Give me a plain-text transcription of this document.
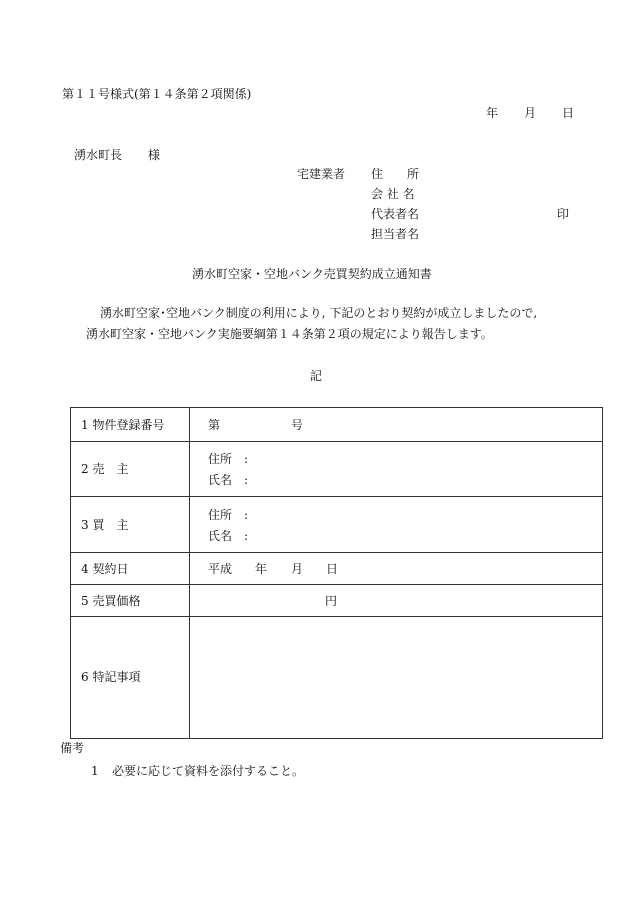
第１１号様式(第１４条第２項関係)
年 月 日
湧水町長 様
宅建業者 住　　所
会 社 名
代表者名	印
担当者名
湧水町空家・空地バンク売買契約成立通知書
湧水町空家･空地バンク制度の利用により, 下記のとおり契約が成立しましたので,
湧水町空家・空地バンク実施要綱第１４条第２項の規定により報告します。
記
1 物件登録番号	第	号
2 売　主
住所　:
氏名　:
3 買　主
住所　:
氏名　:
4 契約日	平成 年 月 日
5 売買価格	円
6 特記事項
備考
1 必要に応じて資料を添付すること。
